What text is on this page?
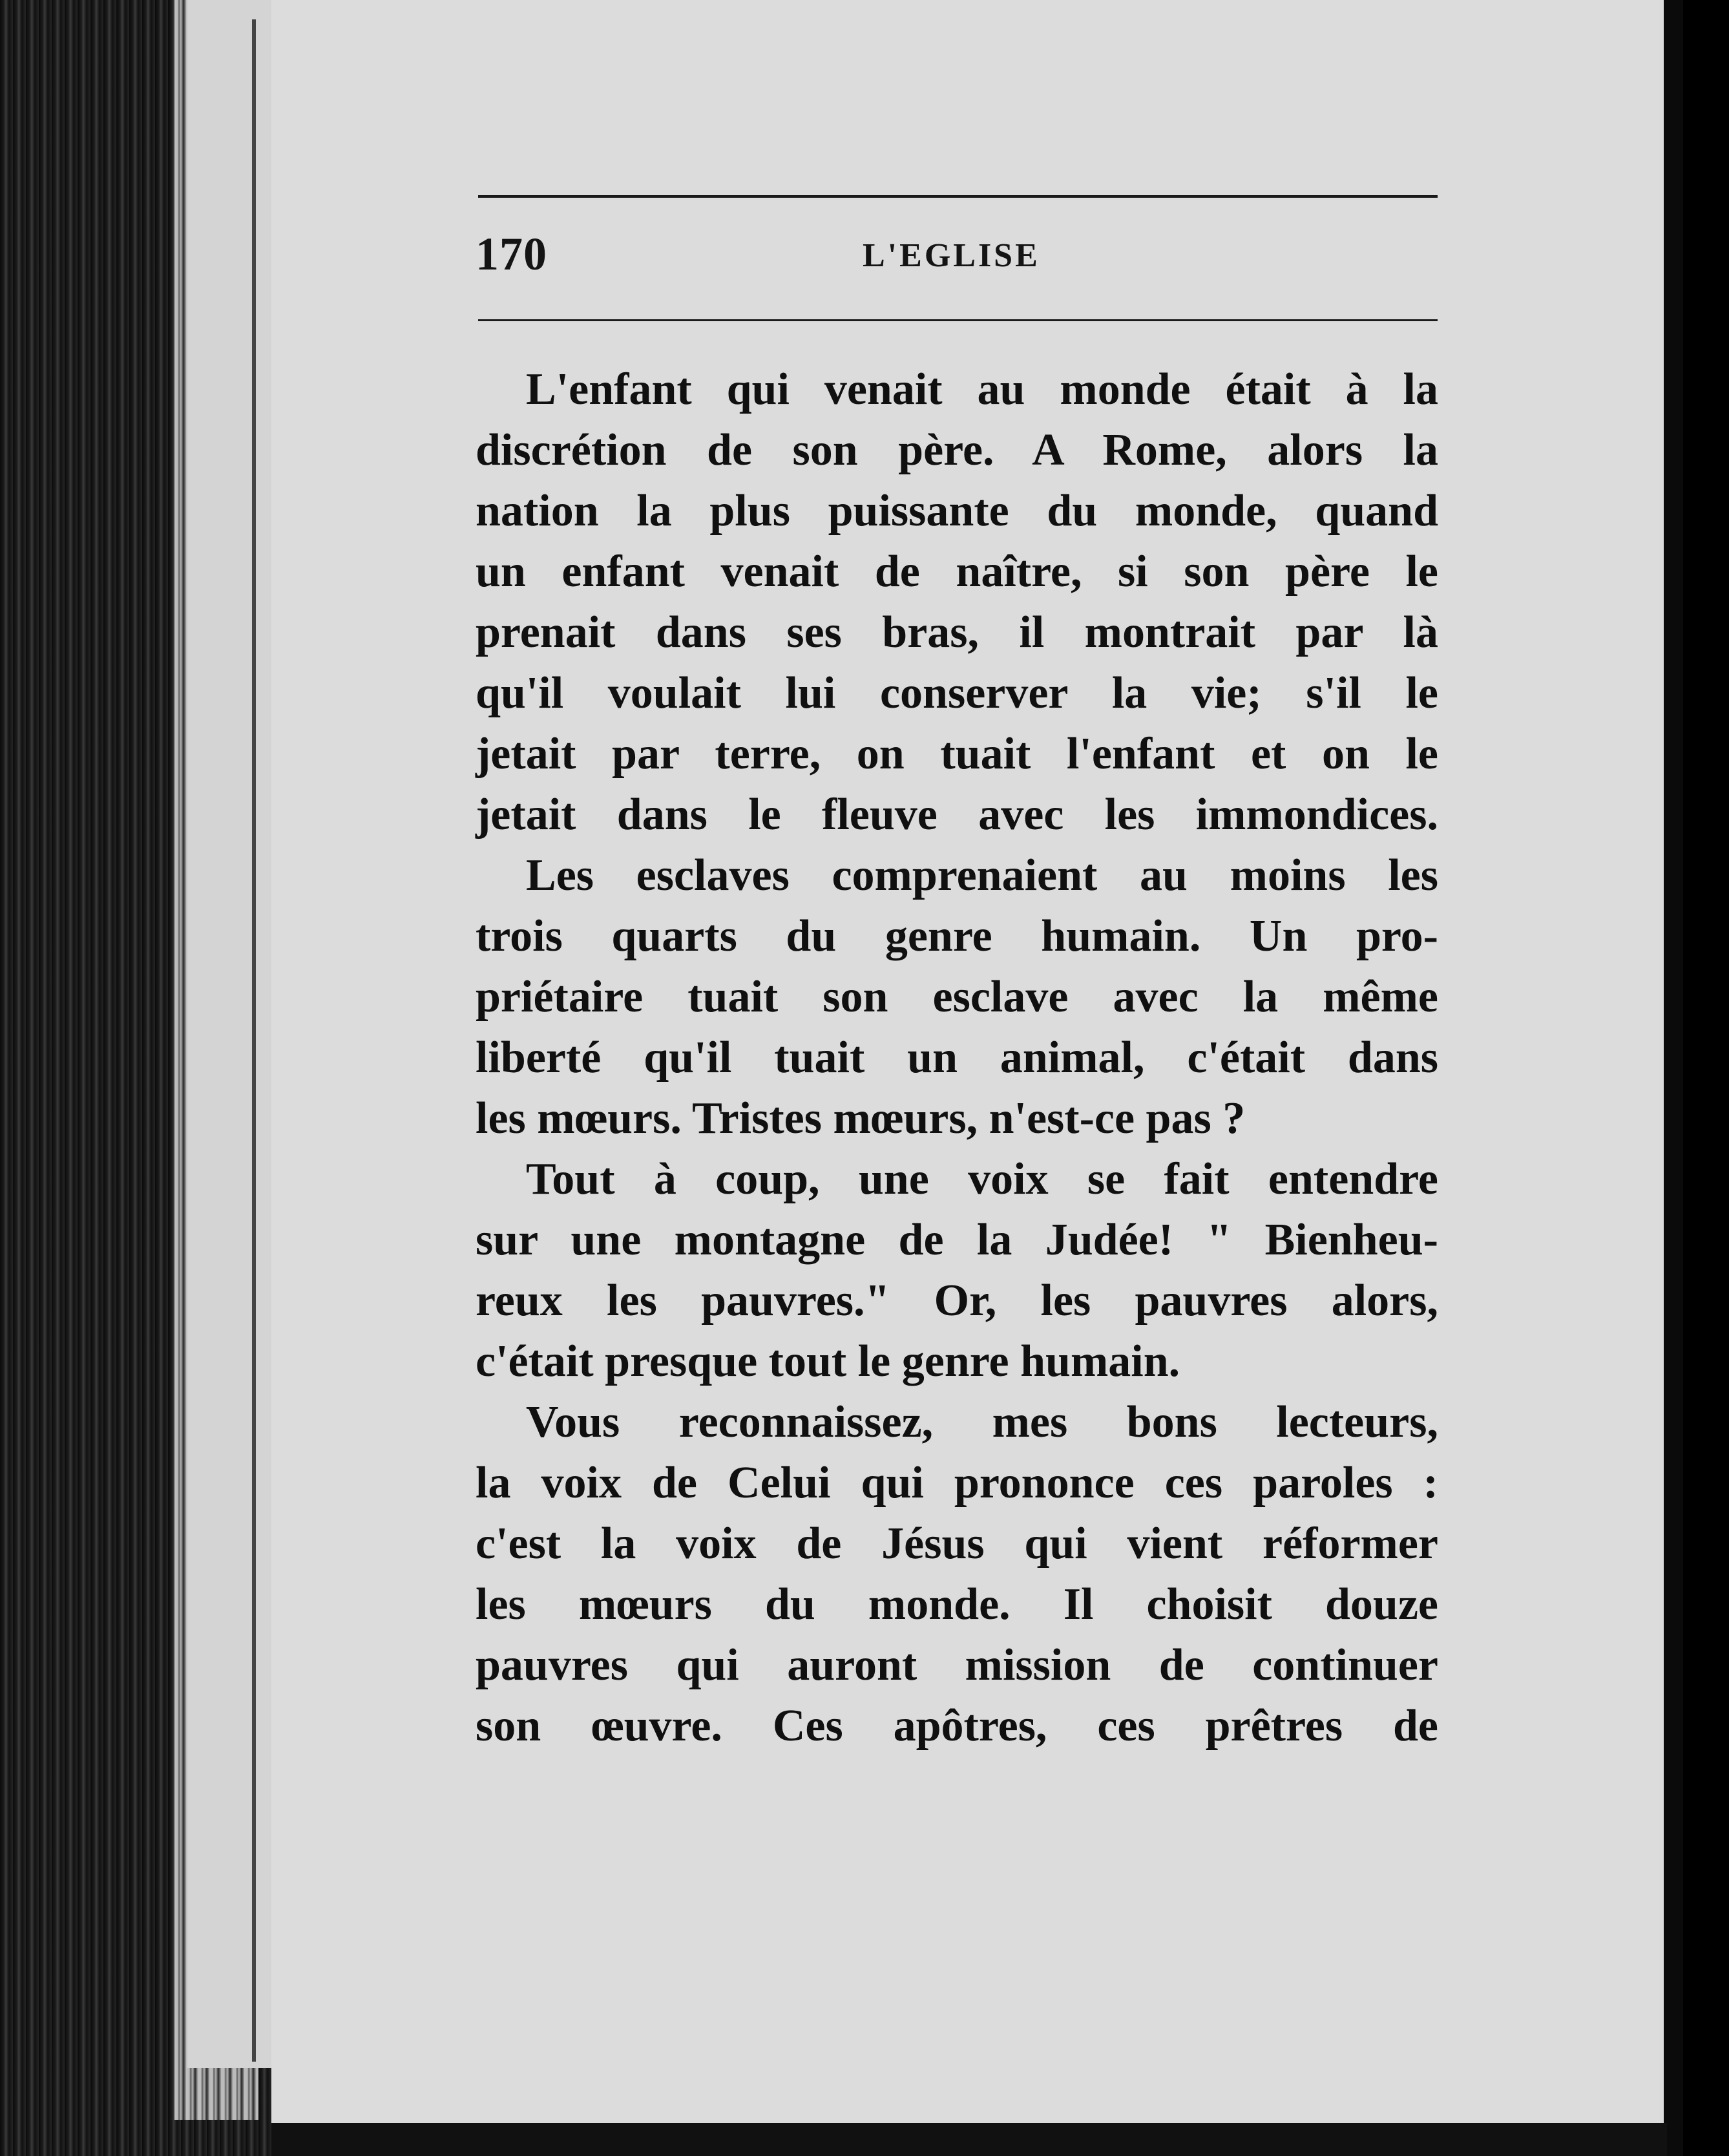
170	L'EGLISE
L'enfant qui venait au monde était à la
discrétion de son père. A Rome, alors la
nation la plus puissante du monde, quand
un enfant venait de naître, si son père le
prenait dans ses bras, il montrait par là
qu'il voulait lui conserver la vie; s'il le
jetait par terre, on tuait l'enfant et on le
jetait dans le fleuve avec les immondices.
Les esclaves comprenaient au moins les
trois quarts du genre humain. Un pro-
priétaire tuait son esclave avec la même
liberté qu'il tuait un animal, c'était dans
les mœurs. Tristes mœurs, n'est-ce pas ?
Tout à coup, une voix se fait entendre
sur une montagne de la Judée! " Bienheu-
reux les pauvres." Or, les pauvres alors,
c'était presque tout le genre humain.
Vous reconnaissez, mes bons lecteurs,
la voix de Celui qui prononce ces paroles :
c'est la voix de Jésus qui vient réformer
les mœurs du monde. Il choisit douze
pauvres qui auront mission de continuer
son œuvre. Ces apôtres, ces prêtres de
